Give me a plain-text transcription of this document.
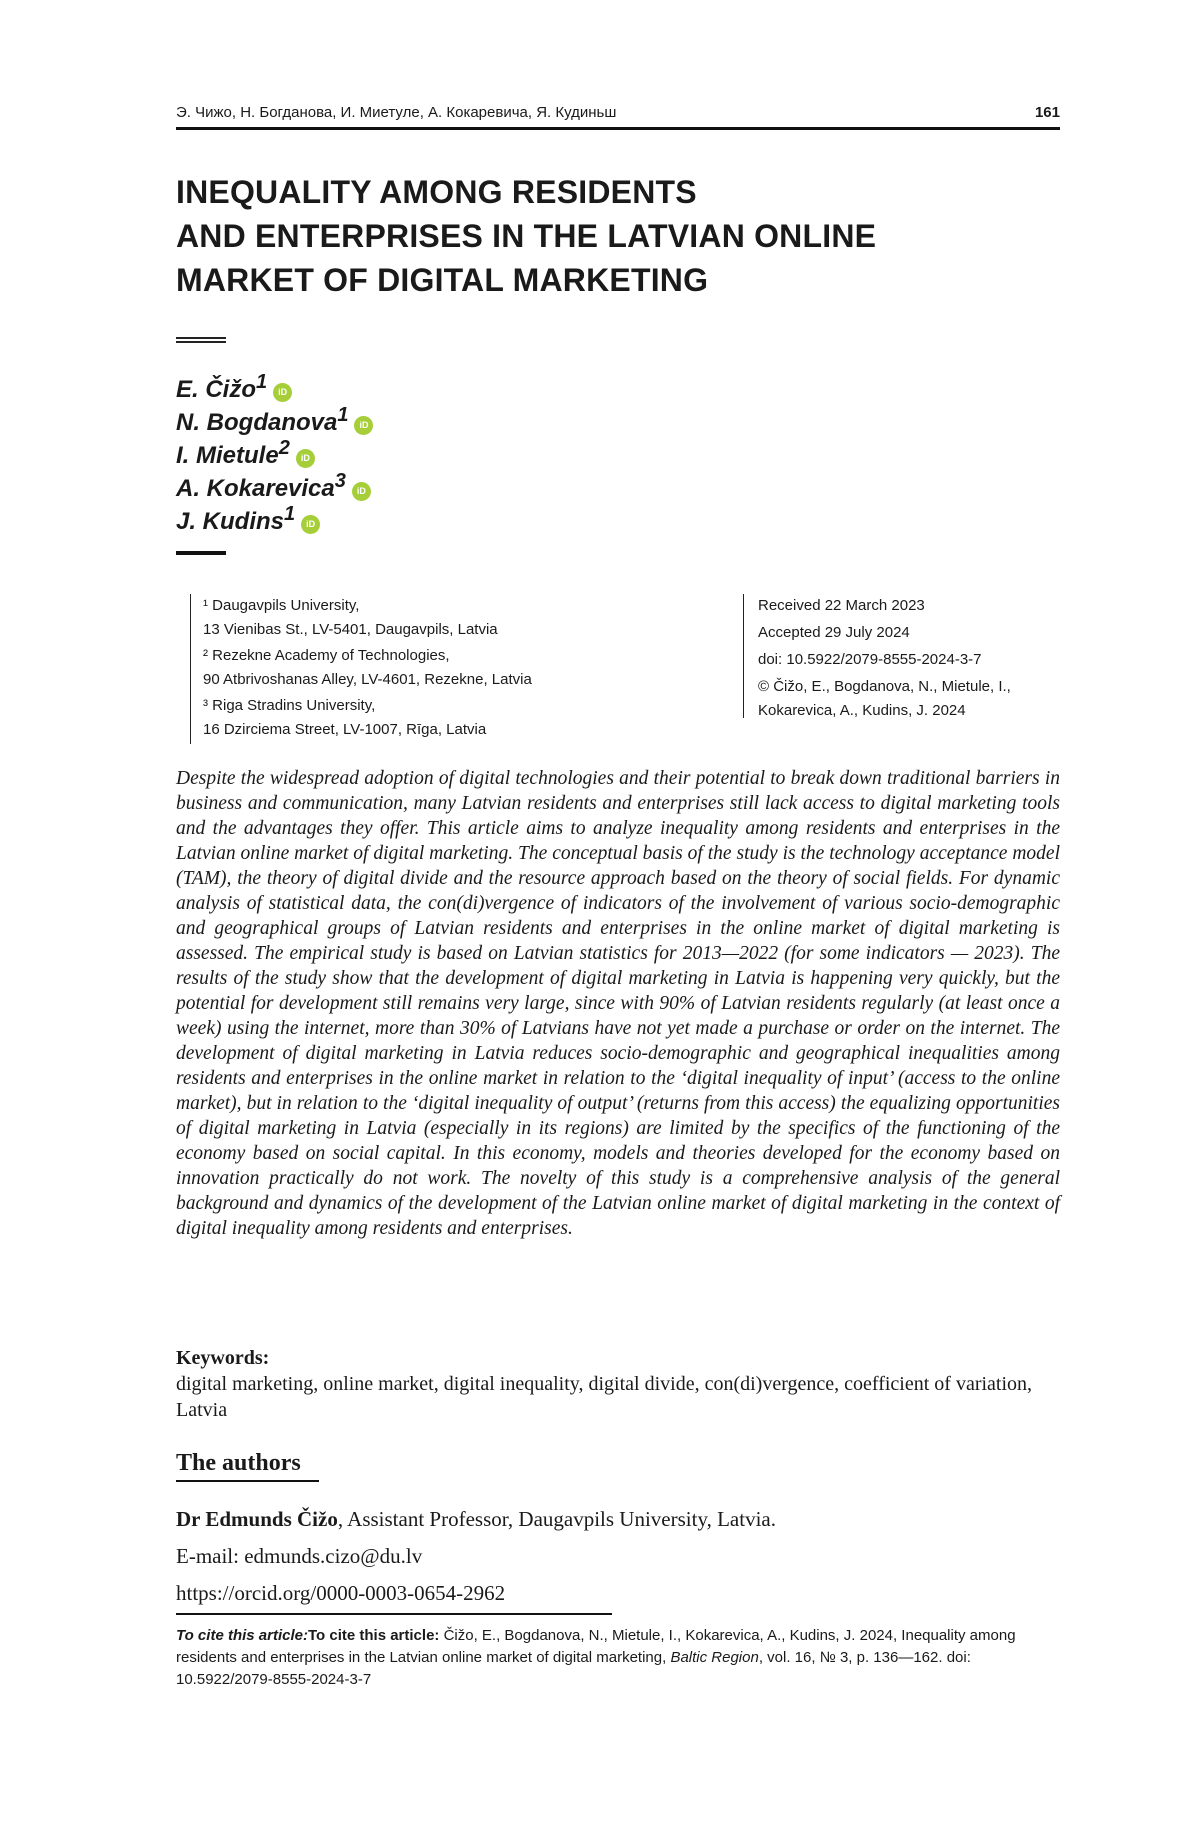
Э. Чижо, Н. Богданова, И. Миетуле, А. Кокаревича, Я. Кудиньш	161
INEQUALITY AMONG RESIDENTS
AND ENTERPRISES IN THE LATVIAN ONLINE
MARKET OF DIGITAL MARKETING
E. Čižo$^1$ iD
N. Bogdanova$^1$ iD
I. Mietule$^2$ iD
A. Kokarevica$^3$ iD
J. Kudins$^1$ iD
¹ Daugavpils University,
13 Vienibas St., LV-5401, Daugavpils, Latvia
² Rezekne Academy of Technologies,
90 Atbrivoshanas Alley, LV-4601, Rezekne, Latvia
³ Riga Stradins University,
16 Dzirciema Street, LV-1007, Rīga, Latvia
Received 22 March 2023
Accepted 29 July 2024
doi: 10.5922/2079-8555-2024-3-7
© Čižo, E., Bogdanova, N., Mietule, I.,
Kokarevica, A., Kudins, J. 2024

Despite the widespread adoption of digital technologies and their potential to break down traditional barriers in business and communication, many Latvian residents and enterprises still lack access to digital marketing tools and the advantages they offer. This article aims to analyze inequality among residents and enterprises in the Latvian online market of digital marketing. The conceptual basis of the study is the technology acceptance model (TAM), the theory of digital divide and the resource approach based on the theory of social fields. For dynamic analysis of statistical data, the con(di)vergence of indicators of the involvement of various socio-demographic and geographical groups of Latvian residents and enterprises in the online market of digital marketing is assessed. The empirical study is based on Latvian statistics for 2013—2022 (for some indicators — 2023). The results of the study show that the development of digital marketing in Latvia is happening very quickly, but the potential for development still remains very large, since with 90% of Latvian residents regularly (at least once a week) using the internet, more than 30% of Latvians have not yet made a purchase or order on the internet. The development of digital marketing in Latvia reduces socio-demographic and geographical inequalities among residents and enterprises in the online market in relation to the ‘digital inequality of input’ (access to the online market), but in relation to the ‘digital inequality of output’ (returns from this access) the equalizing opportunities of digital marketing in Latvia (especially in its regions) are limited by the specifics of the functioning of the economy based on social capital. In this economy, models and theories developed for the economy based on innovation practically do not work. The novelty of this study is a comprehensive analysis of the general background and dynamics of the development of the Latvian online market of digital marketing in the context of digital inequality among residents and enterprises.

Keywords:

digital marketing, online market, digital inequality, digital divide, con(di)vergence, coefficient of variation, Latvia

The authors
Dr Edmunds Čižo, Assistant Professor, Daugavpils University, Latvia.
E-mail: edmunds.cizo@du.lv
https://orcid.org/0000-0003-0654-2962

To cite this article:To cite this article: Čižo, E., Bogdanova, N., Mietule, I., Kokarevica, A., Kudins, J. 2024, Inequality among residents and enterprises in the Latvian online market of digital marketing, Baltic Region, vol. 16, № 3, p. 136—162. doi: 10.5922/2079-8555-2024-3-7
